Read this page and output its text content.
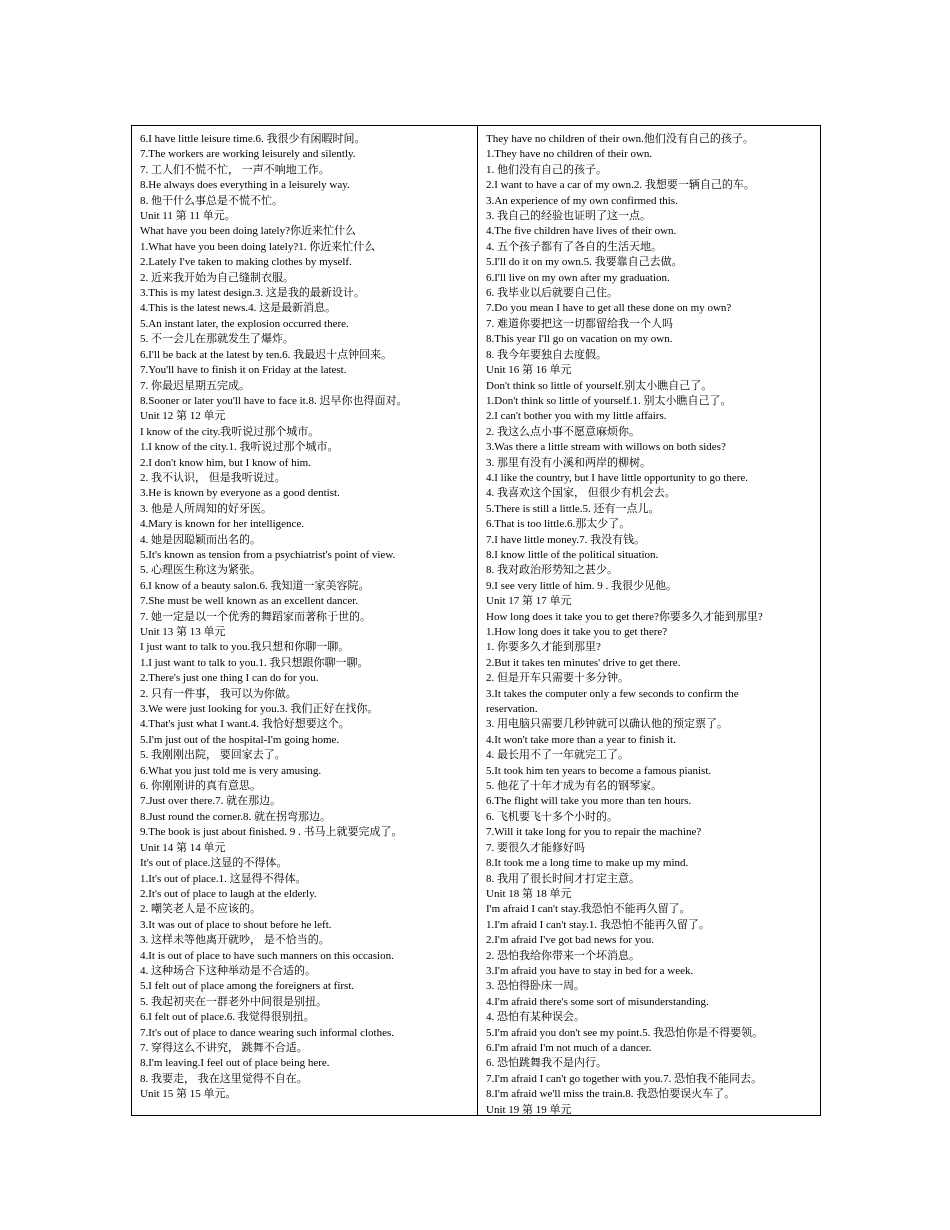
6.I have little leisure time.6. 我很少有闲暇时间。
7.The workers are working leisurely and silently.
7. 工人们不慌不忙， 一声不响地工作。
8.He always does everything in a leisurely way.
8. 他干什么事总是不慌不忙。
Unit 11 第 11 单元。
What have you been doing lately?你近来忙什么
1.What have you been doing lately?1. 你近来忙什么
2.Lately I've taken to making clothes by myself.
2. 近来我开始为自己缝制衣服。
3.This is my latest design.3. 这是我的最新设计。
4.This is the latest news.4. 这是最新消息。
5.An instant later, the explosion occurred there.
5. 不一会儿在那就发生了爆炸。
6.I'll be back at the latest by ten.6. 我最迟十点钟回来。
7.You'll have to finish it on Friday at the latest.
7. 你最迟星期五完成。
8.Sooner or later you'll have to face it.8. 迟早你也得面对。
Unit 12 第 12 单元
I know of the city.我听说过那个城市。
1.I know of the city.1. 我听说过那个城市。
2.I don't know him, but I know of him.
2. 我不认识， 但是我听说过。
3.He is known by everyone as a good dentist.
3. 他是人所周知的好牙医。
4.Mary is known for her intelligence.
4. 她是因聪颖而出名的。
5.It's known as tension from a psychiatrist's point of view.
5. 心理医生称这为紧张。
6.I know of a beauty salon.6. 我知道一家美容院。
7.She must be well known as an excellent dancer.
7. 她一定是以一个优秀的舞蹈家而著称于世的。
Unit 13 第 13 单元
I just want to talk to you.我只想和你聊一聊。
1.I just want to talk to you.1. 我只想跟你聊一聊。
2.There's just one thing I can do for you.
2. 只有一件事， 我可以为你做。
3.We were just looking for you.3. 我们正好在找你。
4.That's just what I want.4. 我恰好想要这个。
5.I'm just out of the hospital-I'm going home.
5. 我刚刚出院， 要回家去了。
6.What you just told me is very amusing.
6. 你刚刚讲的真有意思。
7.Just over there.7. 就在那边。
8.Just round the corner.8. 就在拐弯那边。
9.The book is just about finished. 9 . 书马上就要完成了。
Unit 14 第 14 单元
It's out of place.这显的不得体。
1.It's out of place.1. 这显得不得体。
2.It's out of place to laugh at the elderly.
2. 嘲笑老人是不应该的。
3.It was out of place to shout before he left.
3. 这样未等他离开就吵， 是不恰当的。
4.It is out of place to have such manners on this occasion.
4. 这种场合下这种举动是不合适的。
5.I felt out of place among the foreigners at first.
5. 我起初夹在一群老外中间很是别扭。
6.I felt out of place.6. 我觉得很别扭。
7.It's out of place to dance wearing such informal clothes.
7. 穿得这么不讲究， 跳舞不合适。
8.I'm leaving.I feel out of place being here.
8. 我要走， 我在这里觉得不自在。
Unit 15 第 15 单元。
They have no children of their own.他们没有自己的孩子。
1.They have no children of their own.
1. 他们没有自己的孩子。
2.I want to have a car of my own.2. 我想要一辆自己的车。
3.An experience of my own confirmed this.
3. 我自己的经验也证明了这一点。
4.The five children have lives of their own.
4. 五个孩子都有了各自的生活天地。
5.I'll do it on my own.5. 我要靠自己去做。
6.I'll live on my own after my graduation.
6. 我毕业以后就要自己住。
7.Do you mean I have to get all these done on my own?
7. 难道你要把这一切都留给我一个人吗
8.This year I'll go on vacation on my own.
8. 我今年要独自去度假。
Unit 16 第 16 单元
Don't think so little of yourself.别太小瞧自己了。
1.Don't think so little of yourself.1. 别太小瞧自己了。
2.I can't bother you with my little affairs.
2. 我这么点小事不愿意麻烦你。
3.Was there a little stream with willows on both sides?
3. 那里有没有小溪和两岸的柳树。
4.I like the country, but I have little opportunity to go there.
4. 我喜欢这个国家， 但很少有机会去。
5.There is still a little.5. 还有一点儿。
6.That is too little.6.那太少了。
7.I have little money.7. 我没有钱。
8.I know little of the political situation.
8. 我对政治形势知之甚少。
9.I see very little of him. 9 . 我很少见他。
Unit 17 第 17 单元
How long does it take you to get there?你要多久才能到那里?
1.How long does it take you to get there?
1. 你要多久才能到那里?
2.But it takes ten minutes' drive to get there.
2. 但是开车只需要十多分钟。
3.It takes the computer only a few seconds to confirm the
reservation.
3. 用电脑只需要几秒钟就可以确认他的预定票了。
4.It won't take more than a year to finish it.
4. 最长用不了一年就完工了。
5.It took him ten years to become a famous pianist.
5. 他花了十年才成为有名的钢琴家。
6.The flight will take you more than ten hours.
6. 飞机要飞十多个小时的。
7.Will it take long for you to repair the machine?
7. 要很久才能修好吗
8.It took me a long time to make up my mind.
8. 我用了很长时间才打定主意。
Unit 18 第 18 单元
I'm afraid I can't stay.我恐怕不能再久留了。
1.I'm afraid I can't stay.1. 我恐怕不能再久留了。
2.I'm afraid I've got bad news for you.
2. 恐怕我给你带来一个坏消息。
3.I'm afraid you have to stay in bed for a week.
3. 恐怕得卧床一周。
4.I'm afraid there's some sort of misunderstanding.
4. 恐怕有某种误会。
5.I'm afraid you don't see my point.5. 我恐怕你是不得要领。
6.I'm afraid I'm not much of a dancer.
6. 恐怕跳舞我不是内行。
7.I'm afraid I can't go together with you.7. 恐怕我不能同去。
8.I'm afraid we'll miss the train.8. 我恐怕要误火车了。
Unit 19 第 19 单元
